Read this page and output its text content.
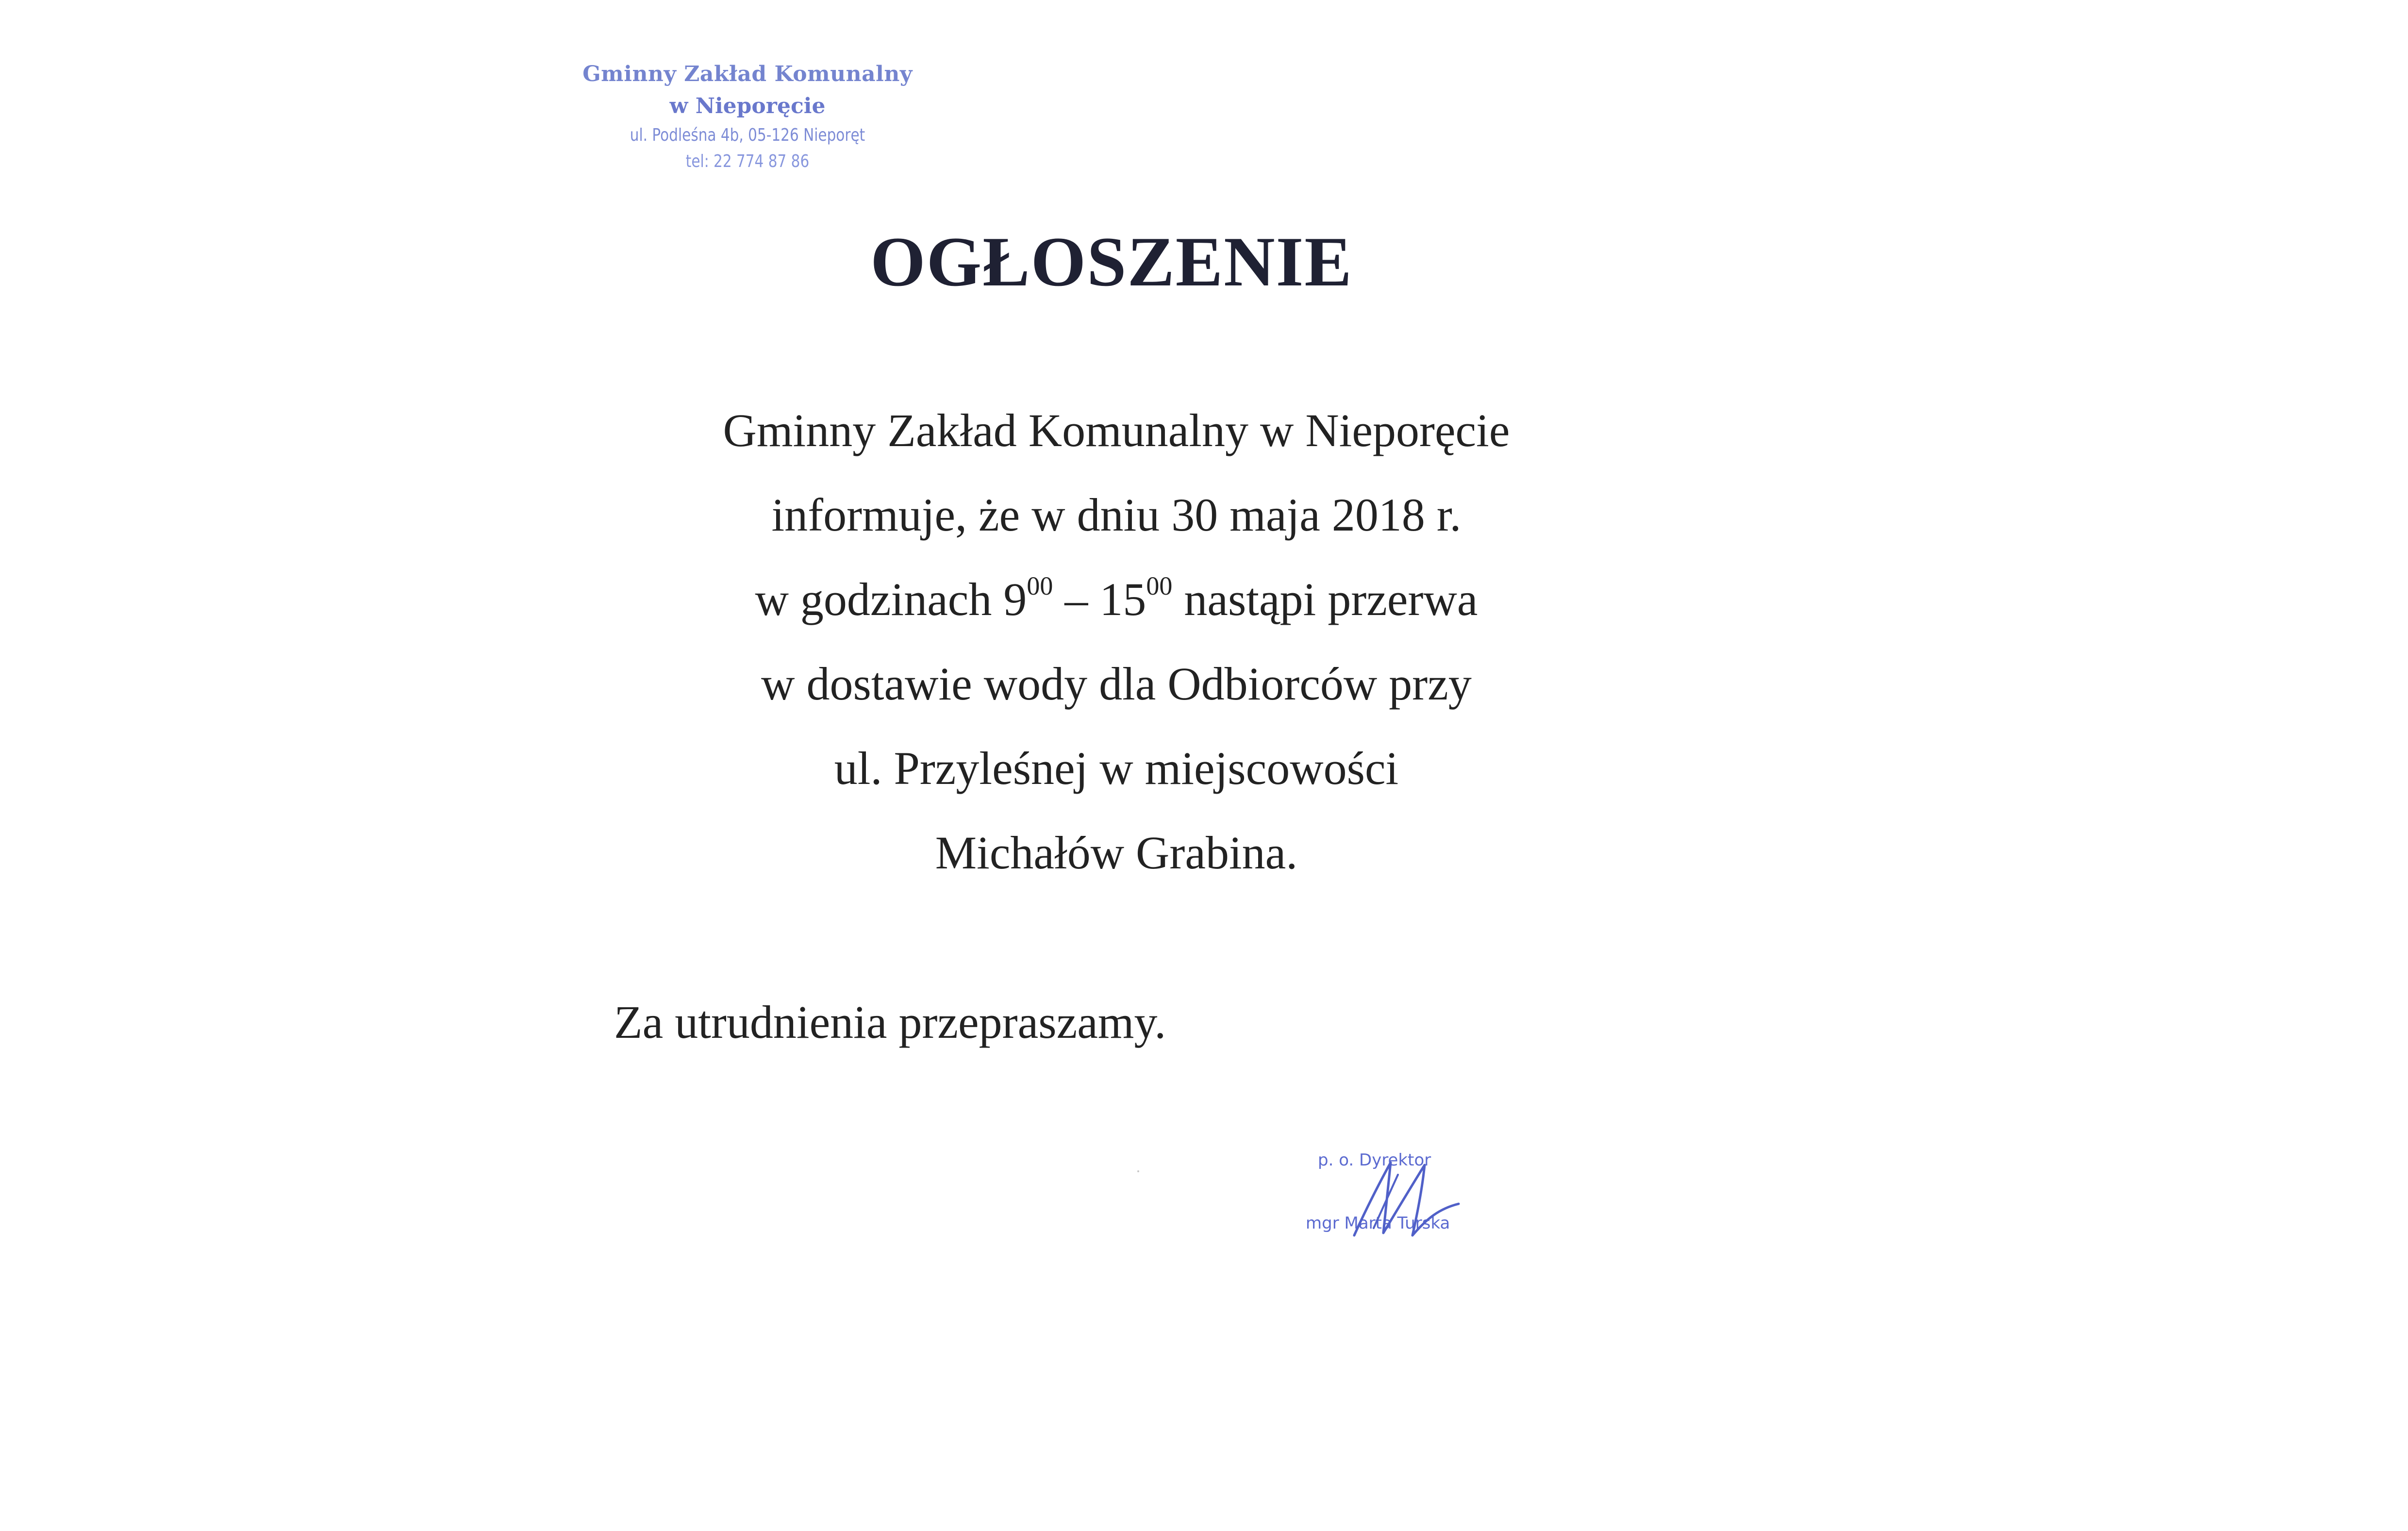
Gminny Zakład Komunalny
w Nieporęcie
ul. Podleśna 4b, 05-126 Nieporęt
tel: 22 774 87 86
OGŁOSZENIE
Gminny Zakład Komunalny w Nieporęcie
informuje, że w dniu 30 maja 2018 r.
w godzinach $9^{00} - 15^{00}$ nastąpi przerwa
w dostawie wody dla Odbiorców przy
ul. Przyleśnej w miejscowości
Michałów Grabina.
Za utrudnienia przepraszamy.
p. o. Dyrektor
mgr Marta Turska
